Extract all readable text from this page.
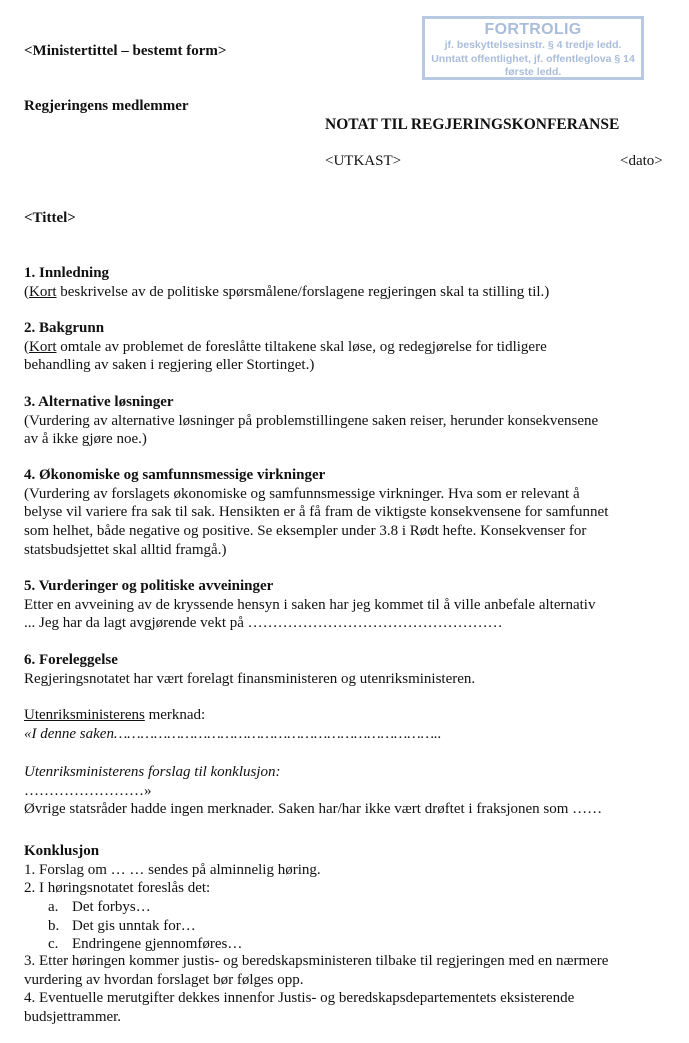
FORTROLIG
jf. beskyttelsesinstr. § 4 tredje ledd.
Unntatt offentlighet, jf. offentleglova § 14
første ledd.
<Ministertittel – bestemt form>
Regjeringens medlemmer
NOTAT TIL REGJERINGSKONFERANSE
<UTKAST>	<dato>
<Tittel>
1. Innledning
(Kort beskrivelse av de politiske spørsmålene/forslagene regjeringen skal ta stilling til.)
2. Bakgrunn
(Kort omtale av problemet de foreslåtte tiltakene skal løse, og redegjørelse for tidligere
behandling av saken i regjering eller Stortinget.)
3. Alternative løsninger
(Vurdering av alternative løsninger på problemstillingene saken reiser, herunder konsekvensene
av å ikke gjøre noe.)
4. Økonomiske og samfunnsmessige virkninger
(Vurdering av forslagets økonomiske og samfunnsmessige virkninger. Hva som er relevant å
belyse vil variere fra sak til sak. Hensikten er å få fram de viktigste konsekvensene for samfunnet
som helhet, både negative og positive. Se eksempler under 3.8 i Rødt hefte. Konsekvenser for
statsbudsjettet skal alltid framgå.)
5. Vurderinger og politiske avveininger
Etter en avveining av de kryssende hensyn i saken har jeg kommet til å ville anbefale alternativ
... Jeg har da lagt avgjørende vekt på ……………………………………………
6. Foreleggelse
Regjeringsnotatet har vært forelagt finansministeren og utenriksministeren.
Utenriksministerens merknad:
«I denne saken………………………………………………………………..
Utenriksministerens forslag til konklusjon:
……………………»
Øvrige statsråder hadde ingen merknader. Saken har/har ikke vært drøftet i fraksjonen som ……
Konklusjon
1. Forslag om … … sendes på alminnelig høring.
2. I høringsnotatet foreslås det:
a. Det forbys…
b. Det gis unntak for…
c. Endringene gjennomføres…
3. Etter høringen kommer justis- og beredskapsministeren tilbake til regjeringen med en nærmere
vurdering av hvordan forslaget bør følges opp.
4. Eventuelle merutgifter dekkes innenfor Justis- og beredskapsdepartementets eksisterende
budsjettrammer.
